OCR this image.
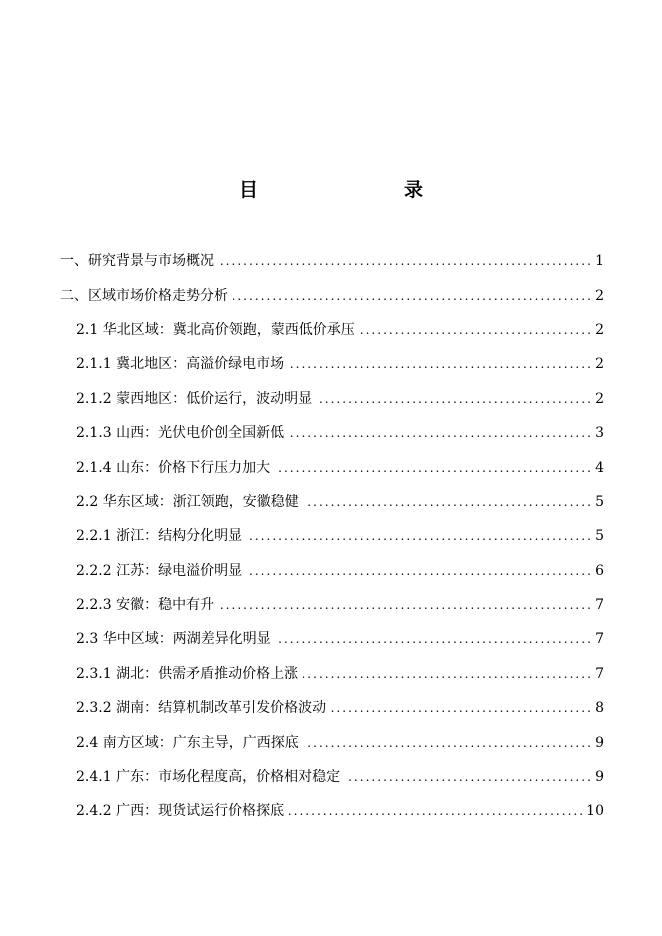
目　　录
一、研究背景与市场概况 . . .	1
二、区域市场价格走势分析 . . .	2
2.1 华北区域：冀北高价领跑，蒙西低价承压 . . .	2
2.1.1 冀北地区：高溢价绿电市场 . . .	2
2.1.2 蒙西地区：低价运行，波动明显 . . .	2
2.1.3 山西：光伏电价创全国新低 . . .	3
2.1.4 山东：价格下行压力加大 . . .	4
2.2 华东区域：浙江领跑，安徽稳健 . . .	5
2.2.1 浙江：结构分化明显 . . .	5
2.2.2 江苏：绿电溢价明显 . . .	6
2.2.3 安徽：稳中有升 . . .	7
2.3 华中区域：两湖差异化明显 . . .	7
2.3.1 湖北：供需矛盾推动价格上涨 . . .	7
2.3.2 湖南：结算机制改革引发价格波动 . . .	8
2.4 南方区域：广东主导，广西探底 . . .	9
2.4.1 广东：市场化程度高，价格相对稳定 . . .	9
2.4.2 广西：现货试运行价格探底 . . .	10
